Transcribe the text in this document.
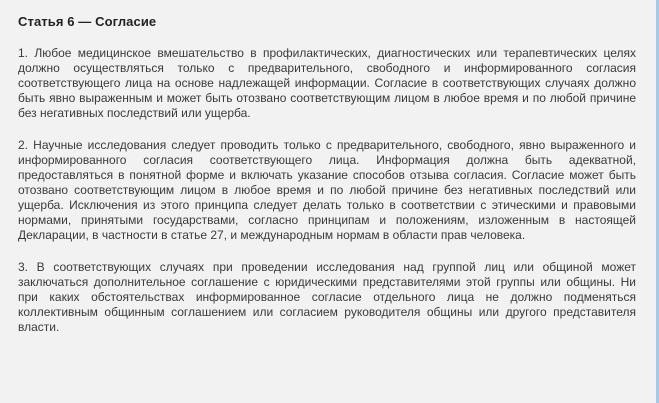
Статья 6 — Согласие

1. Любое медицинское вмешательство в профилактических, диагностических или терапевтических целях должно осуществляться только с предварительного, свободного и информированного согласия соответствующего лица на основе надлежащей информации. Согласие в соответствующих случаях должно быть явно выраженным и может быть отозвано соответствующим лицом в любое время и по любой причине без негативных последствий или ущерба.

2. Научные исследования следует проводить только с предварительного, свободного, явно выраженного и информированного согласия соответствующего лица. Информация должна быть адекватной, предоставляться в понятной форме и включать указание способов отзыва согласия. Согласие может быть отозвано соответствующим лицом в любое время и по любой причине без негативных последствий или ущерба. Исключения из этого принципа следует делать только в соответствии с этическими и правовыми нормами, принятыми государствами, согласно принципам и положениям, изложенным в настоящей Декларации, в частности в статье 27, и международным нормам в области прав человека.

3. В соответствующих случаях при проведении исследования над группой лиц или общиной может заключаться дополнительное соглашение с юридическими представителями этой группы или общины. Ни при каких обстоятельствах информированное согласие отдельного лица не должно подменяться коллективным общинным соглашением или согласием руководителя общины или другого представителя власти.
